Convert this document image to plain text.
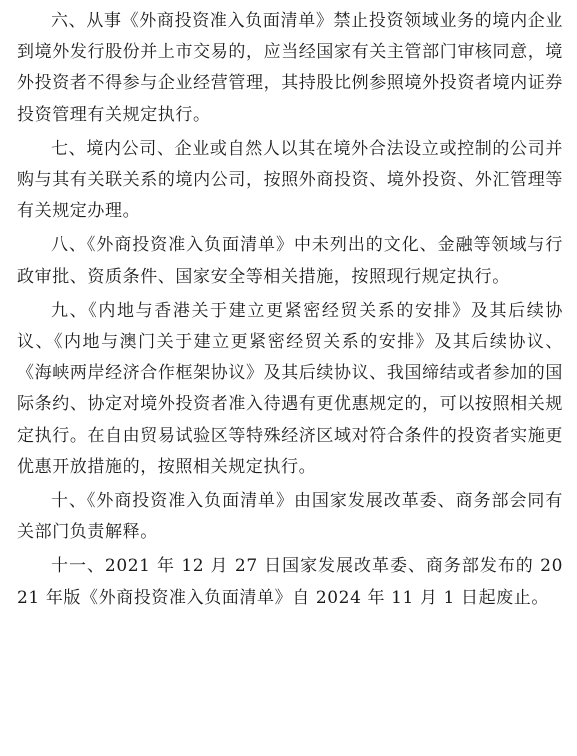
六、从事《外商投资准入负面清单》禁止投资领域业务的境内企业到境外发行股份并上市交易的，应当经国家有关主管部门审核同意，境外投资者不得参与企业经营管理，其持股比例参照境外投资者境内证券投资管理有关规定执行。

七、境内公司、企业或自然人以其在境外合法设立或控制的公司并购与其有关联关系的境内公司，按照外商投资、境外投资、外汇管理等有关规定办理。

八、《外商投资准入负面清单》中未列出的文化、金融等领域与行政审批、资质条件、国家安全等相关措施，按照现行规定执行。

九、《内地与香港关于建立更紧密经贸关系的安排》及其后续协议、《内地与澳门关于建立更紧密经贸关系的安排》及其后续协议、《海峡两岸经济合作框架协议》及其后续协议、我国缔结或者参加的国际条约、协定对境外投资者准入待遇有更优惠规定的，可以按照相关规定执行。在自由贸易试验区等特殊经济区域对符合条件的投资者实施更优惠开放措施的，按照相关规定执行。

十、《外商投资准入负面清单》由国家发展改革委、商务部会同有关部门负责解释。

十一、2021 年 12 月 27 日国家发展改革委、商务部发布的 2021 年版《外商投资准入负面清单》自 2024 年 11 月 1 日起废止。
